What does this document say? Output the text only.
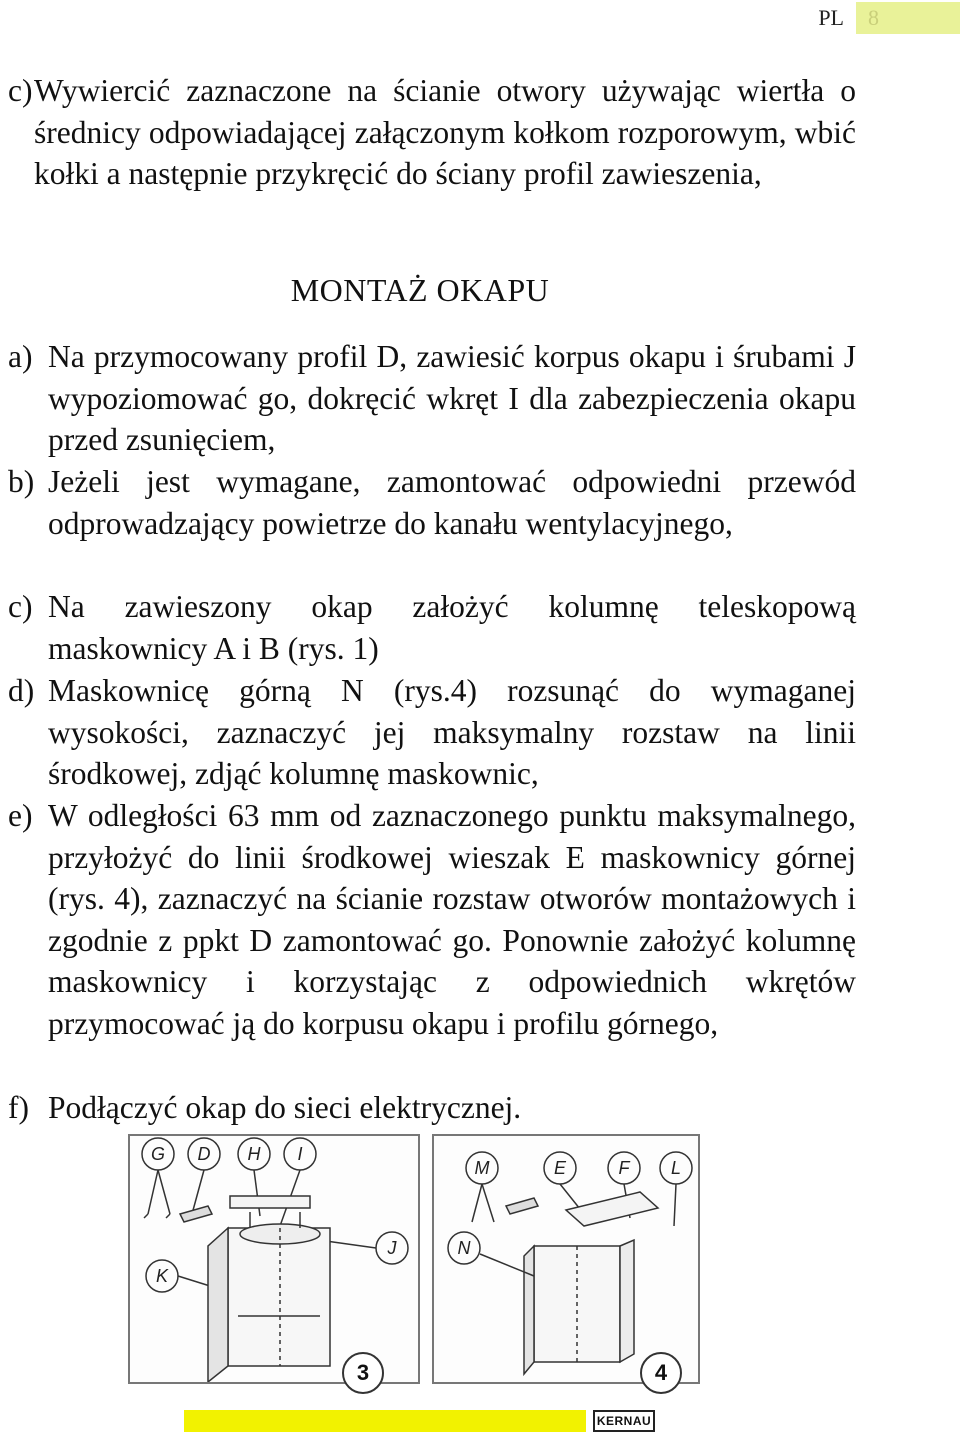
PL 8
c) Wywiercić zaznaczone na ścianie otwory używając wiertła o średnicy odpowiadającej załączonym kołkom rozporowym, wbić kołki a następnie przykręcić do ściany profil zawieszenia,
MONTAŻ OKAPU
a) Na przymocowany profil D, zawiesić korpus okapu i śrubami J wypoziomować go, dokręcić wkręt I dla zabezpieczenia okapu przed zsunięciem,
b) Jeżeli jest wymagane, zamontować odpowiedni przewód odprowadzający powietrze do kanału wentylacyjnego,
c) Na zawieszony okap założyć kolumnę teleskopową maskownicy A i B (rys. 1)
d) Maskownicę górną N (rys.4) rozsunąć do wymaganej wysokości, zaznaczyć jej maksymalny rozstaw na linii środkowej, zdjąć kolumnę maskownic,
e) W odległości 63 mm od zaznaczonego punktu maksymalnego, przyłożyć do linii środkowej wieszak E maskownicy górnej (rys. 4), zaznaczyć na ścianie rozstaw otworów montażowych i zgodnie z ppkt D zamontować go. Ponownie założyć kolumnę maskownicy i korzystając z odpowiednich wkrętów przymocować ją do korpusu okapu i profilu górnego,
f) Podłączyć okap do sieci elektrycznej.
G D H I
J
K
3
M	E	F L
N
4
KERNAU
